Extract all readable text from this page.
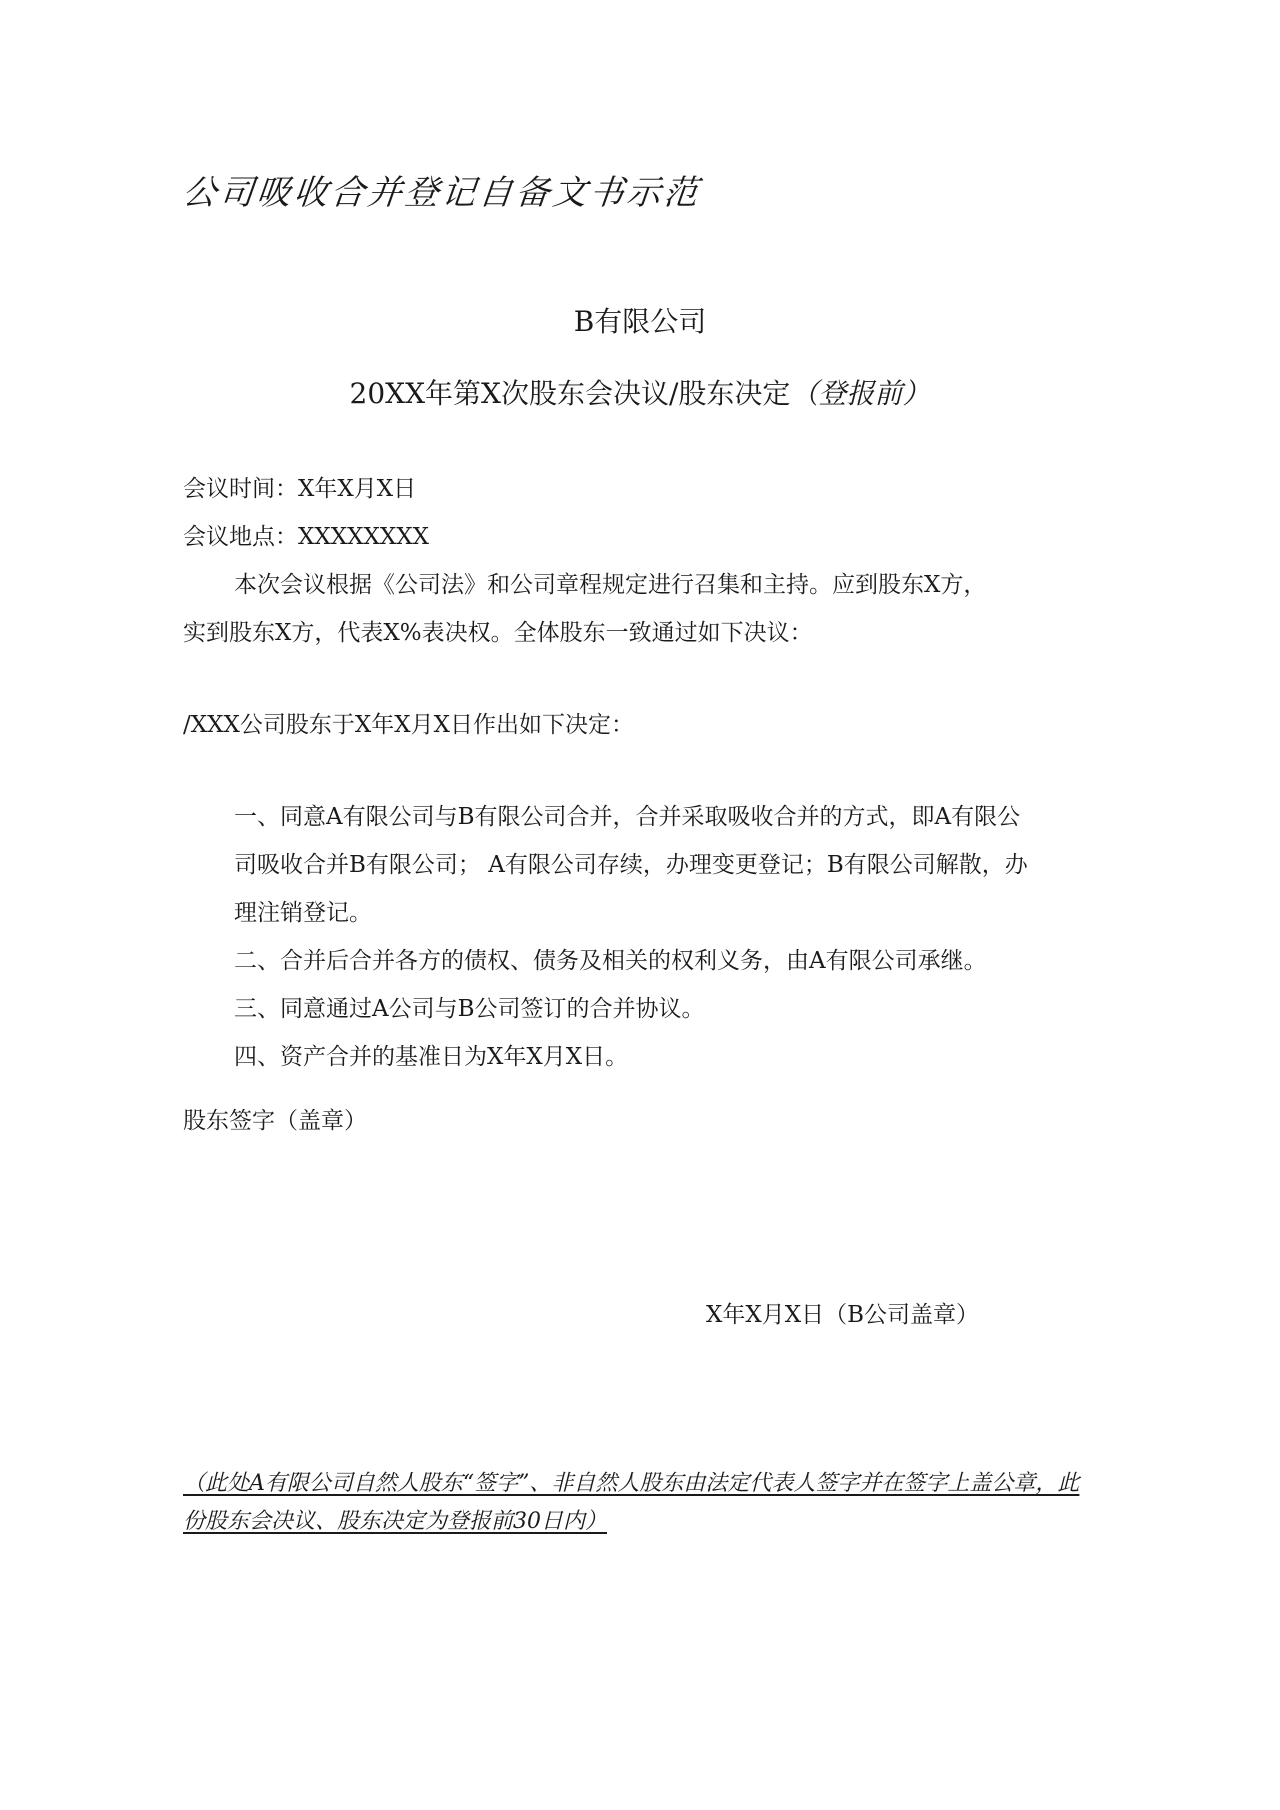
公司吸收合并登记自备文书示范
B有限公司
20XX年第X次股东会决议/股东决定（登报前）
会议时间：X年X月X日
会议地点：XXXXXXXX
本次会议根据《公司法》和公司章程规定进行召集和主持。应到股东X方，
实到股东X方，代表X%表决权。全体股东一致通过如下决议：
/XXX公司股东于X年X月X日作出如下决定：
一、同意A有限公司与B有限公司合并，合并采取吸收合并的方式，即A有限公
司吸收合并B有限公司； A有限公司存续，办理变更登记；B有限公司解散，办
理注销登记。
二、合并后合并各方的债权、债务及相关的权利义务，由A有限公司承继。
三、同意通过A公司与B公司签订的合并协议。
四、资产合并的基准日为X年X月X日。
股东签字（盖章）
X年X月X日（B公司盖章）
（此处A有限公司自然人股东“签字”、非自然人股东由法定代表人签字并在签字上盖公章，此
份股东会决议、股东决定为登报前30日内）
